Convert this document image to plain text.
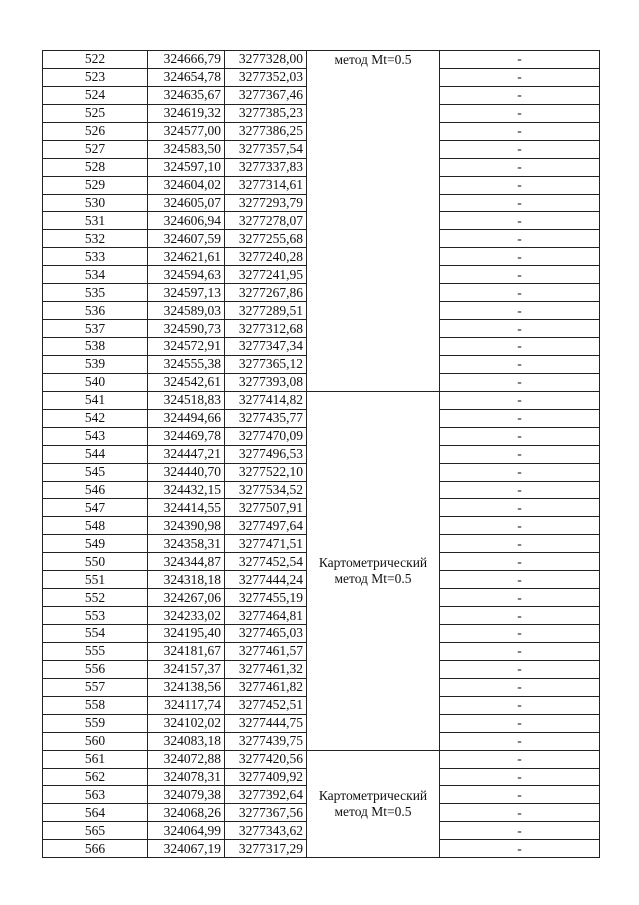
522	324666,79	3277328,00	метод Mt=0.5	-
523	324654,78	3277352,03		-
524	324635,67	3277367,46		-
525	324619,32	3277385,23		-
526	324577,00	3277386,25		-
527	324583,50	3277357,54		-
528	324597,10	3277337,83		-
529	324604,02	3277314,61		-
530	324605,07	3277293,79		-
531	324606,94	3277278,07		-
532	324607,59	3277255,68		-
533	324621,61	3277240,28		-
534	324594,63	3277241,95		-
535	324597,13	3277267,86		-
536	324589,03	3277289,51		-
537	324590,73	3277312,68		-
538	324572,91	3277347,34		-
539	324555,38	3277365,12		-
540	324542,61	3277393,08		-
541	324518,83	3277414,82	Картометрический метод Mt=0.5	-
542	324494,66	3277435,77		-
543	324469,78	3277470,09		-
544	324447,21	3277496,53		-
545	324440,70	3277522,10		-
546	324432,15	3277534,52		-
547	324414,55	3277507,91		-
548	324390,98	3277497,64		-
549	324358,31	3277471,51		-
550	324344,87	3277452,54		-
551	324318,18	3277444,24		-
552	324267,06	3277455,19		-
553	324233,02	3277464,81		-
554	324195,40	3277465,03		-
555	324181,67	3277461,57		-
556	324157,37	3277461,32		-
557	324138,56	3277461,82		-
558	324117,74	3277452,51		-
559	324102,02	3277444,75		-
560	324083,18	3277439,75		-
561	324072,88	3277420,56	Картометрический метод Mt=0.5	-
562	324078,31	3277409,92		-
563	324079,38	3277392,64		-
564	324068,26	3277367,56		-
565	324064,99	3277343,62		-
566	324067,19	3277317,29		-
